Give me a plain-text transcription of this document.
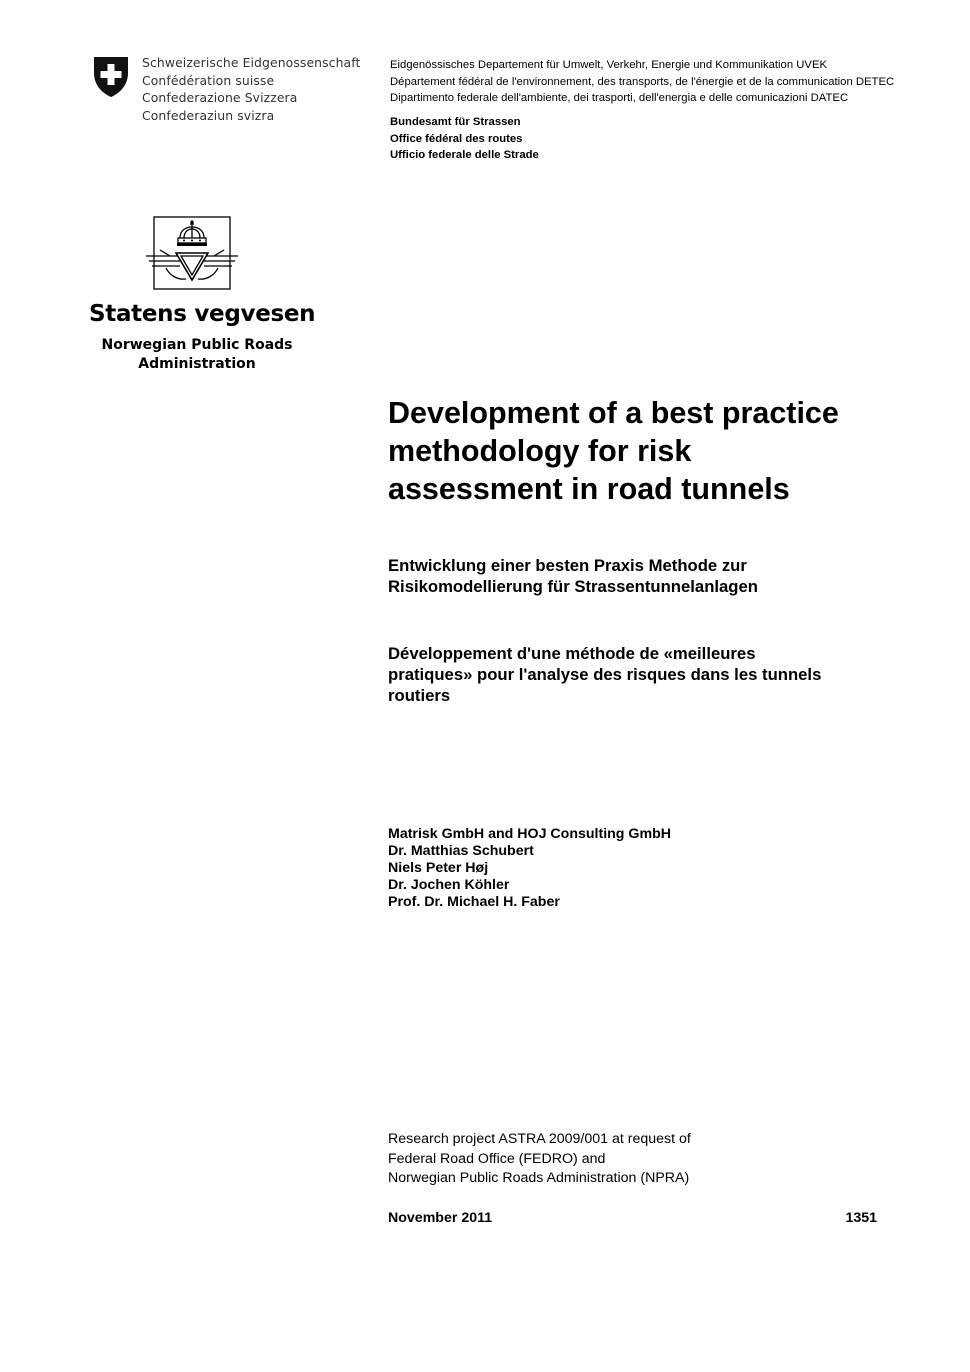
Schweizerische Eidgenossenschaft
Confédération suisse
Confederazione Svizzera
Confederaziun svizra
Eidgenössisches Departement für Umwelt, Verkehr, Energie und Kommunikation UVEK
Département fédéral de l'environnement, des transports, de l'énergie et de la communication DETEC
Dipartimento federale dell'ambiente, dei trasporti, dell'energia e delle comunicazioni DATEC
Bundesamt für Strassen
Office fédéral des routes
Ufficio federale delle Strade
Statens vegvesen
Norwegian Public Roads
Administration
Development of a best practice
methodology for risk
assessment in road tunnels
Entwicklung einer besten Praxis Methode zur
Risikomodellierung für Strassentunnelanlagen
Développement d'une méthode de «meilleures
pratiques» pour l'analyse des risques dans les tunnels
routiers
Matrisk GmbH and HOJ Consulting GmbH
Dr. Matthias Schubert
Niels Peter Høj
Dr. Jochen Köhler
Prof. Dr. Michael H. Faber
Research project ASTRA 2009/001 at request of
Federal Road Office (FEDRO) and
Norwegian Public Roads Administration (NPRA)
November 2011	1351
